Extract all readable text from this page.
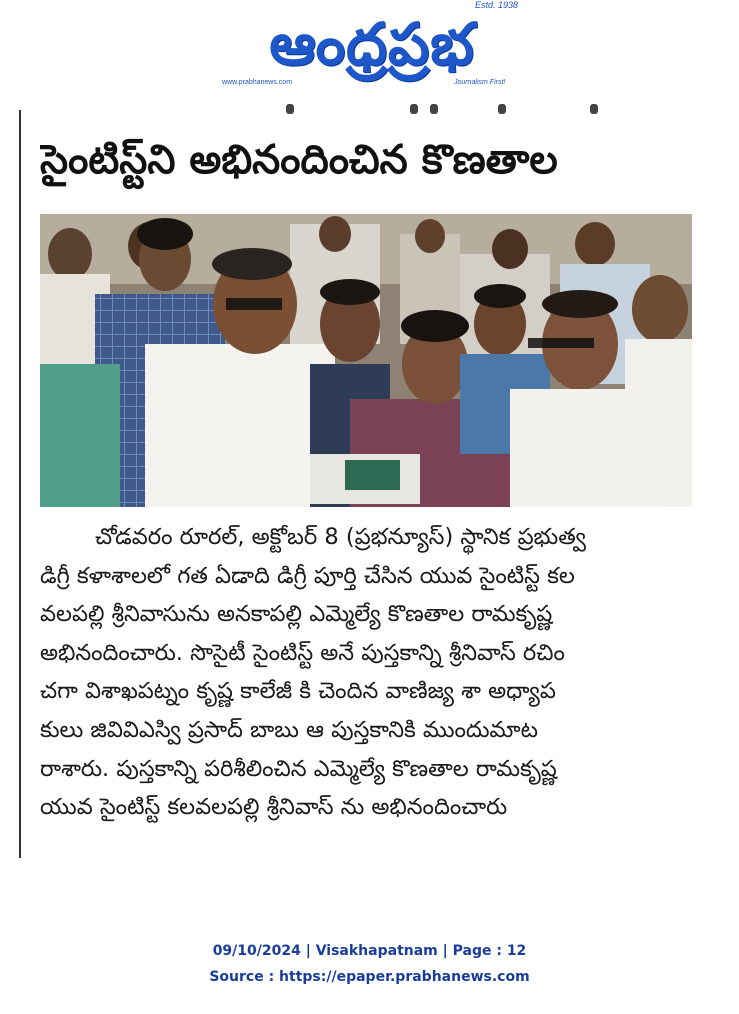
ఆంధ్రప్రభ
Estd. 1938
www.prabhanews.com	Journalism First!
సైంటిస్ట్‌ని అభినందించిన కొణతాల
చోడవరం రూరల్, అక్టోబర్ 8 (ప్రభన్యూస్) స్థానిక ప్రభుత్వ
డిగ్రీ కళాశాలలో గత ఏడాది డిగ్రీ పూర్తి చేసిన యువ సైంటిస్ట్ కల
వలపల్లి శ్రీనివాసును అనకాపల్లి ఎమ్మెల్యే కొణతాల రామకృష్ణ
అభినందించారు. సొసైటీ సైంటిస్ట్ అనే పుస్తకాన్ని శ్రీనివాస్ రచిం
చగా విశాఖపట్నం కృష్ణ కాలేజీ కి చెందిన వాణిజ్య శా అధ్యాప
కులు జివివిఎస్వి ప్రసాద్ బాబు ఆ పుస్తకానికి ముందుమాట
రాశారు. పుస్తకాన్ని పరిశీలించిన ఎమ్మెల్యే కొణతాల రామకృష్ణ
యువ సైంటిస్ట్ కలవలపల్లి శ్రీనివాస్ ను అభినందించారు
09/10/2024 | Visakhapatnam | Page : 12
Source : https://epaper.prabhanews.com
